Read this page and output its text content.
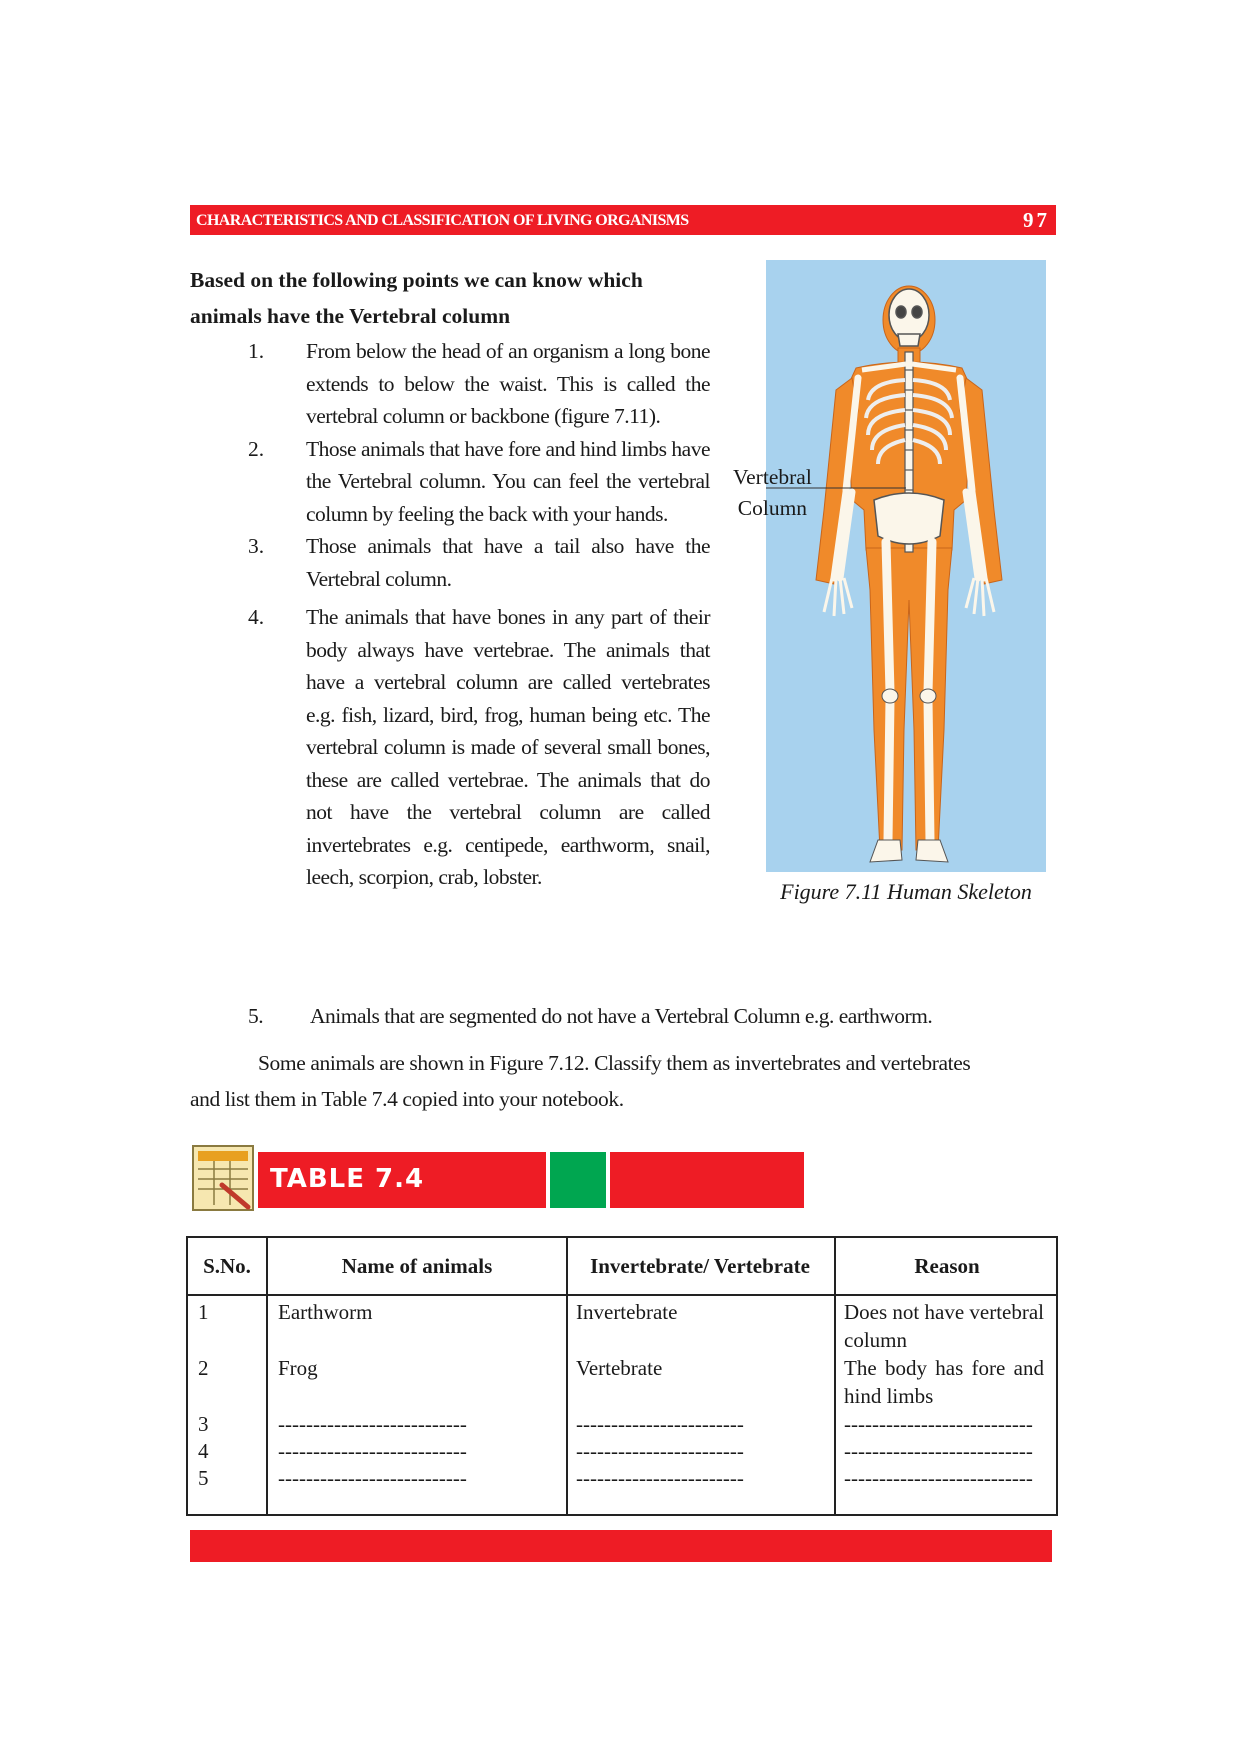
CHARACTERISTICS AND CLASSIFICATION OF LIVING ORGANISMS	97
Based on the following points we can know which animals have the Vertebral column
1.	From below the head of an organism a long bone extends to below the waist. This is called the vertebral column or backbone (figure 7.11).
2.	Those animals that have fore and hind limbs have the Vertebral column. You can feel the vertebral column by feeling the back with your hands.
3.	Those animals that have a tail also have the Vertebral column.
4.	The animals that have bones in any part of their body always have vertebrae. The animals that have a vertebral column are called vertebrates e.g. fish, lizard, bird, frog, human being etc. The vertebral column is made of several small bones, these are called vertebrae. The animals that do not have the vertebral column are called invertebrates e.g. centipede, earthworm, snail, leech, scorpion, crab, lobster.
5. Animals that are segmented do not have a Vertebral Column e.g. earthworm.
Vertebral
Column
Figure 7.11 Human Skeleton
Some animals are shown in Figure 7.12. Classify them as invertebrates and vertebrates
and list them in Table 7.4 copied into your notebook.
TABLE 7.4
S.No.	Name of animals	Invertebrate/ Vertebrate	Reason
1	Earthworm	Invertebrate	Does not have vertebral column
2	Frog	Vertebrate	The body has fore and hind limbs
3	---------------------------	------------------------	---------------------------
4	---------------------------	------------------------	---------------------------
5	---------------------------	------------------------	---------------------------
